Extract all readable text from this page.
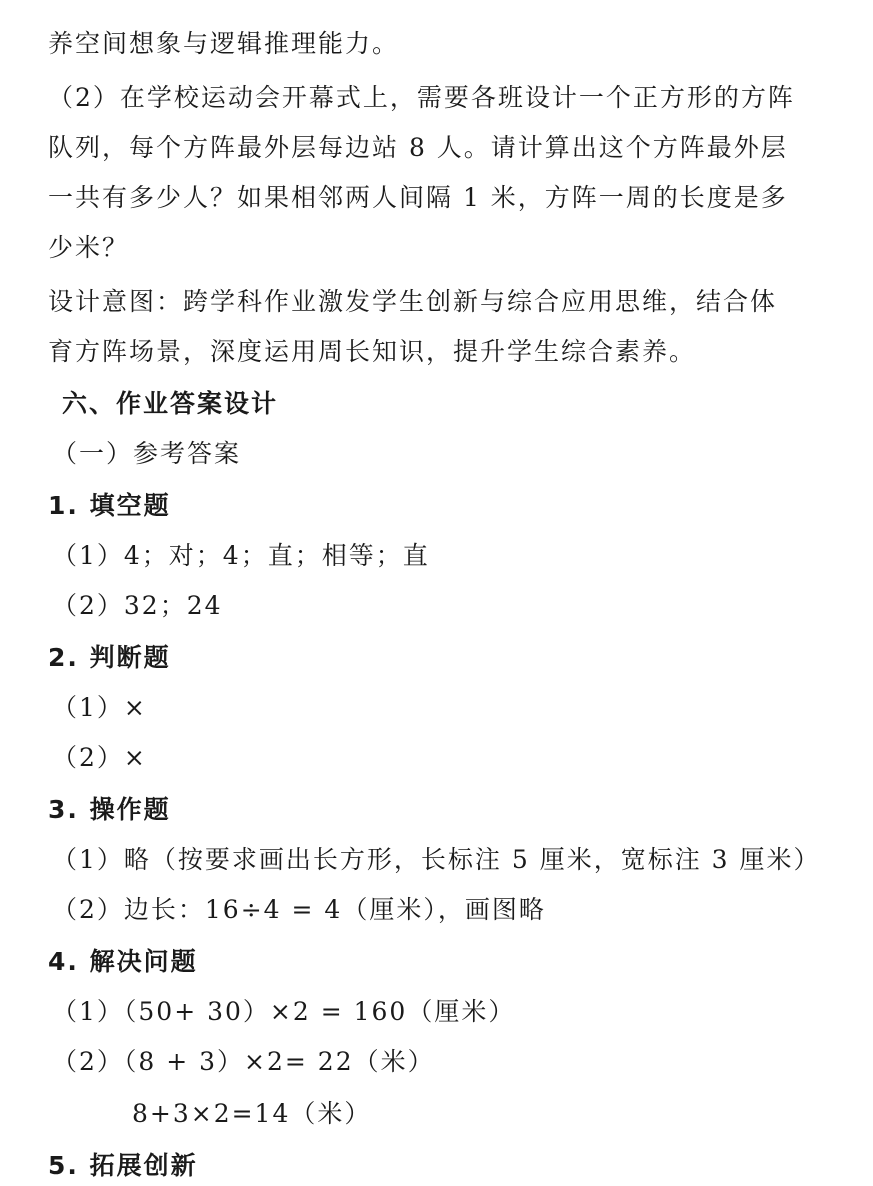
养空间想象与逻辑推理能力。
（2）在学校运动会开幕式上，需要各班设计一个正方形的方阵
队列，每个方阵最外层每边站 8 人。请计算出这个方阵最外层
一共有多少人？如果相邻两人间隔 1 米，方阵一周的长度是多
少米？
设计意图：跨学科作业激发学生创新与综合应用思维，结合体
育方阵场景，深度运用周长知识，提升学生综合素养。
六、作业答案设计
（一）参考答案
1. 填空题
（1）4；对；4；直；相等；直
（2）32；24
2. 判断题
（1）×
（2）×
3. 操作题
（1）略（按要求画出长方形，长标注 5 厘米，宽标注 3 厘米）
（2）边长：16÷4 = 4（厘米），画图略
4. 解决问题
（1）（50+ 30）×2 = 160（厘米）
（2）（8 + 3）×2= 22（米）
8+3×2=14（米）
5. 拓展创新
